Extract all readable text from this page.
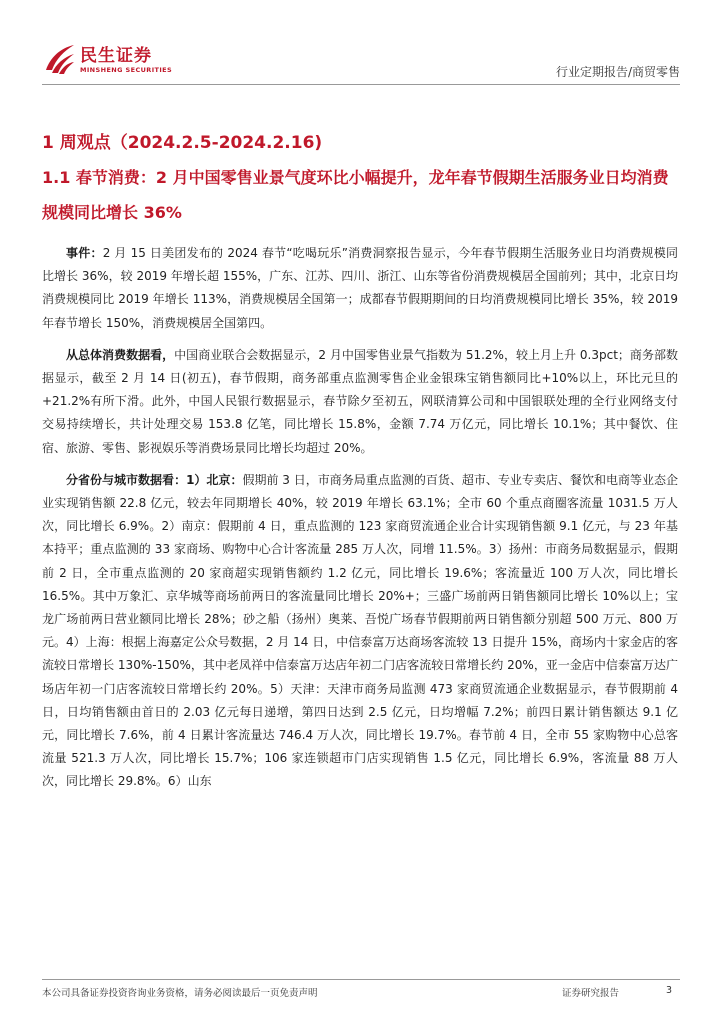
民生证券
MINSHENG SECURITIES	行业定期报告/商贸零售
1 周观点（2024.2.5-2024.2.16)
1.1 春节消费：2 月中国零售业景气度环比小幅提升，龙年春节假期生活服务业日均消费规模同比增长 36%

事件：2 月 15 日美团发布的 2024 春节“吃喝玩乐”消费洞察报告显示，今年春节假期生活服务业日均消费规模同比增长 36%，较 2019 年增长超 155%，广东、江苏、四川、浙江、山东等省份消费规模居全国前列；其中，北京日均消费规模同比 2019 年增长 113%，消费规模居全国第一；成都春节假期期间的日均消费规模同比增长 35%，较 2019 年春节增长 150%，消费规模居全国第四。

从总体消费数据看，中国商业联合会数据显示，2 月中国零售业景气指数为 51.2%，较上月上升 0.3pct；商务部数据显示，截至 2 月 14 日(初五)，春节假期，商务部重点监测零售企业金银珠宝销售额同比+10%以上，环比元旦的+21.2%有所下滑。此外，中国人民银行数据显示，春节除夕至初五，网联清算公司和中国银联处理的全行业网络支付交易持续增长，共计处理交易 153.8 亿笔，同比增长 15.8%，金额 7.74 万亿元，同比增长 10.1%；其中餐饮、住宿、旅游、零售、影视娱乐等消费场景同比增长均超过 20%。

分省份与城市数据看：1）北京：假期前 3 日，市商务局重点监测的百货、超市、专业专卖店、餐饮和电商等业态企业实现销售额 22.8 亿元，较去年同期增长 40%，较 2019 年增长 63.1%；全市 60 个重点商圈客流量 1031.5 万人次，同比增长 6.9%。2）南京：假期前 4 日，重点监测的 123 家商贸流通企业合计实现销售额 9.1 亿元，与 23 年基本持平；重点监测的 33 家商场、购物中心合计客流量 285 万人次，同增 11.5%。3）扬州：市商务局数据显示，假期前 2 日，全市重点监测的 20 家商超实现销售额约 1.2 亿元，同比增长 19.6%；客流量近 100 万人次，同比增长 16.5%。其中万象汇、京华城等商场前两日的客流量同比增长 20%+；三盛广场前两日销售额同比增长 10%以上；宝龙广场前两日营业额同比增长 28%；砂之船（扬州）奥莱、吾悦广场春节假期前两日销售额分别超 500 万元、800 万元。4）上海：根据上海嘉定公众号数据，2 月 14 日，中信泰富万达商场客流较 13 日提升 15%，商场内十家金店的客流较日常增长 130%-150%，其中老凤祥中信泰富万达店年初二门店客流较日常增长约 20%，亚一金店中信泰富万达广场店年初一门店客流较日常增长约 20%。5）天津：天津市商务局监测 473 家商贸流通企业数据显示，春节假期前 4 日，日均销售额由首日的 2.03 亿元每日递增，第四日达到 2.5 亿元，日均增幅 7.2%；前四日累计销售额达 9.1 亿元，同比增长 7.6%，前 4 日累计客流量达 746.4 万人次，同比增长 19.7%。春节前 4 日，全市 55 家购物中心总客流量 521.3 万人次，同比增长 15.7%；106 家连锁超市门店实现销售 1.5 亿元，同比增长 6.9%，客流量 88 万人次，同比增长 29.8%。6）山东

本公司具备证券投资咨询业务资格，请务必阅读最后一页免责声明	证券研究报告	3
